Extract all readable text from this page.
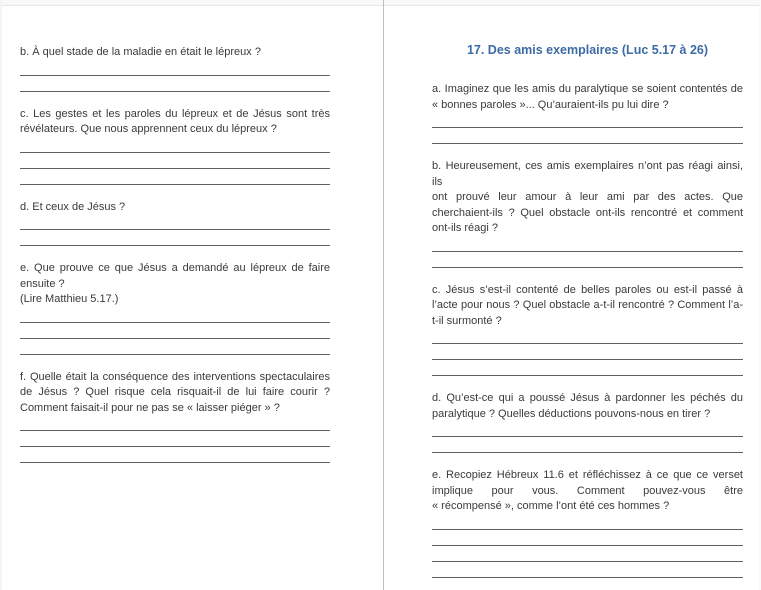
b. À quel stade de la maladie en était le lépreux ?
c. Les gestes et les paroles du lépreux et de Jésus sont très
révélateurs. Que nous apprennent ceux du lépreux ?
d. Et ceux de Jésus ?
e. Que prouve ce que Jésus a demandé au lépreux de faire
ensuite ?
(Lire Matthieu 5.17.)
f. Quelle était la conséquence des interventions spectaculaires
de Jésus ? Quel risque cela risquait-il de lui faire courir ?
Comment faisait-il pour ne pas se « laisser piéger » ?
17. Des amis exemplaires (Luc 5.17 à 26)
a. Imaginez que les amis du paralytique se soient contentés de
« bonnes paroles »... Qu’auraient-ils pu lui dire ?
b. Heureusement, ces amis exemplaires n’ont pas réagi ainsi, ils
ont prouvé leur amour à leur ami par des actes. Que
cherchaient-ils ? Quel obstacle ont-ils rencontré et comment
ont-ils réagi ?
c. Jésus s’est-il contenté de belles paroles ou est-il passé à
l’acte pour nous ? Quel obstacle a-t-il rencontré ? Comment l’a-
t-il surmonté ?
d. Qu’est-ce qui a poussé Jésus à pardonner les péchés du
paralytique ? Quelles déductions pouvons-nous en tirer ?
e. Recopiez Hébreux 11.6 et réfléchissez à ce que ce verset
implique pour vous. Comment pouvez-vous être
« récompensé », comme l’ont été ces hommes ?
